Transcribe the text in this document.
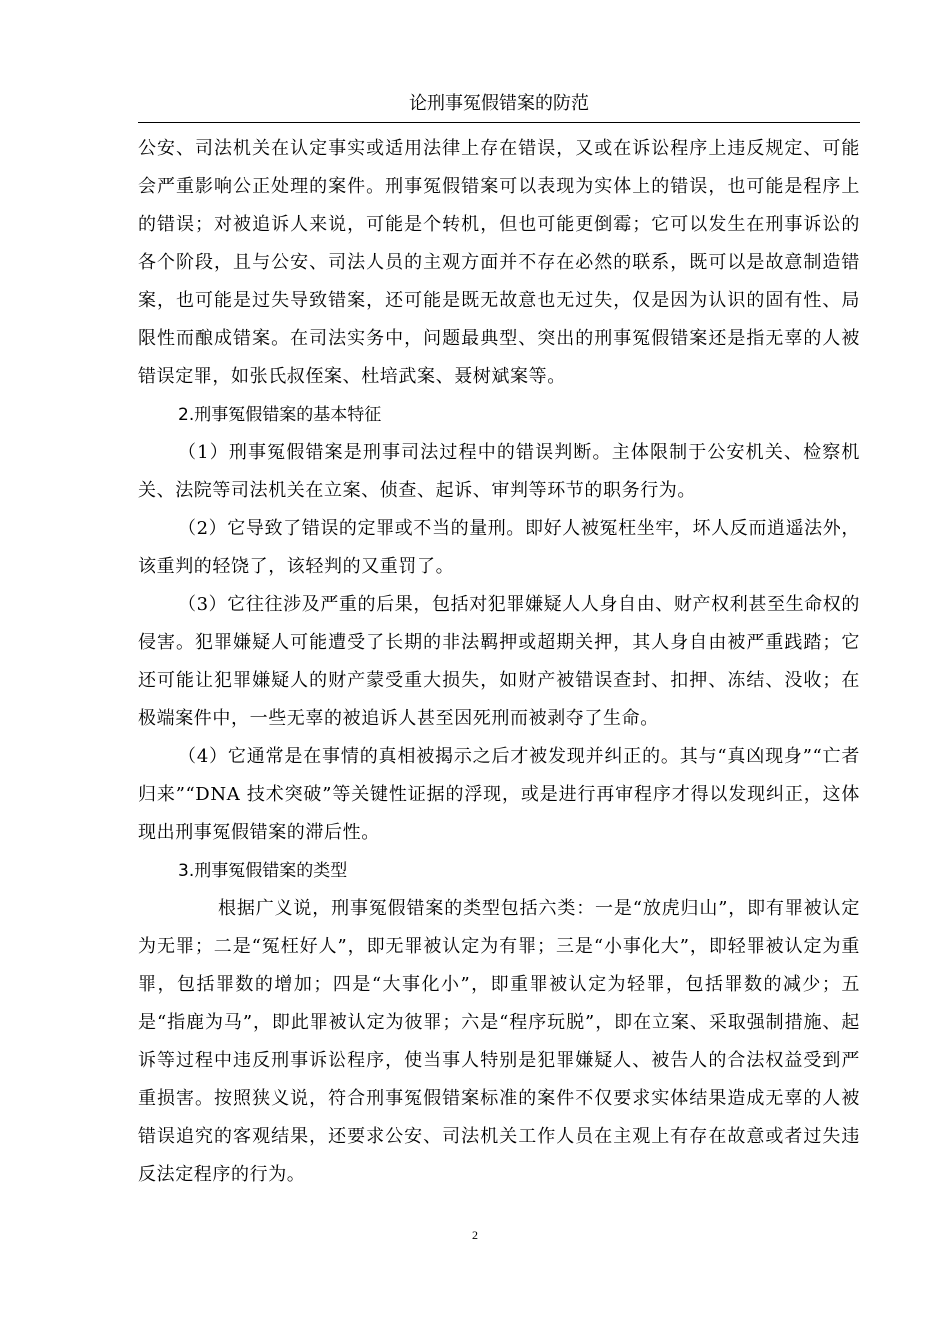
论刑事冤假错案的防范

公安、司法机关在认定事实或适用法律上存在错误，又或在诉讼程序上违反规定、可能会严重影响公正处理的案件。刑事冤假错案可以表现为实体上的错误，也可能是程序上的错误；对被追诉人来说，可能是个转机，但也可能更倒霉；它可以发生在刑事诉讼的各个阶段，且与公安、司法人员的主观方面并不存在必然的联系，既可以是故意制造错案，也可能是过失导致错案，还可能是既无故意也无过失，仅是因为认识的固有性、局限性而酿成错案。在司法实务中，问题最典型、突出的刑事冤假错案还是指无辜的人被错误定罪，如张氏叔侄案、杜培武案、聂树斌案等。

2.刑事冤假错案的基本特征

（1）刑事冤假错案是刑事司法过程中的错误判断。主体限制于公安机关、检察机关、法院等司法机关在立案、侦查、起诉、审判等环节的职务行为。

（2）它导致了错误的定罪或不当的量刑。即好人被冤枉坐牢，坏人反而逍遥法外，该重判的轻饶了，该轻判的又重罚了。

（3）它往往涉及严重的后果，包括对犯罪嫌疑人人身自由、财产权利甚至生命权的侵害。犯罪嫌疑人可能遭受了长期的非法羁押或超期关押，其人身自由被严重践踏；它还可能让犯罪嫌疑人的财产蒙受重大损失，如财产被错误查封、扣押、冻结、没收；在极端案件中，一些无辜的被追诉人甚至因死刑而被剥夺了生命。

（4）它通常是在事情的真相被揭示之后才被发现并纠正的。其与“真凶现身”“亡者归来”“DNA 技术突破”等关键性证据的浮现，或是进行再审程序才得以发现纠正，这体现出刑事冤假错案的滞后性。

3.刑事冤假错案的类型

根据广义说，刑事冤假错案的类型包括六类：一是“放虎归山”，即有罪被认定为无罪；二是“冤枉好人”，即无罪被认定为有罪；三是“小事化大”，即轻罪被认定为重罪，包括罪数的增加；四是“大事化小”，即重罪被认定为轻罪，包括罪数的减少；五是“指鹿为马”，即此罪被认定为彼罪；六是“程序玩脱”，即在立案、采取强制措施、起诉等过程中违反刑事诉讼程序，使当事人特别是犯罪嫌疑人、被告人的合法权益受到严重损害。按照狭义说，符合刑事冤假错案标准的案件不仅要求实体结果造成无辜的人被错误追究的客观结果，还要求公安、司法机关工作人员在主观上有存在故意或者过失违反法定程序的行为。

2
